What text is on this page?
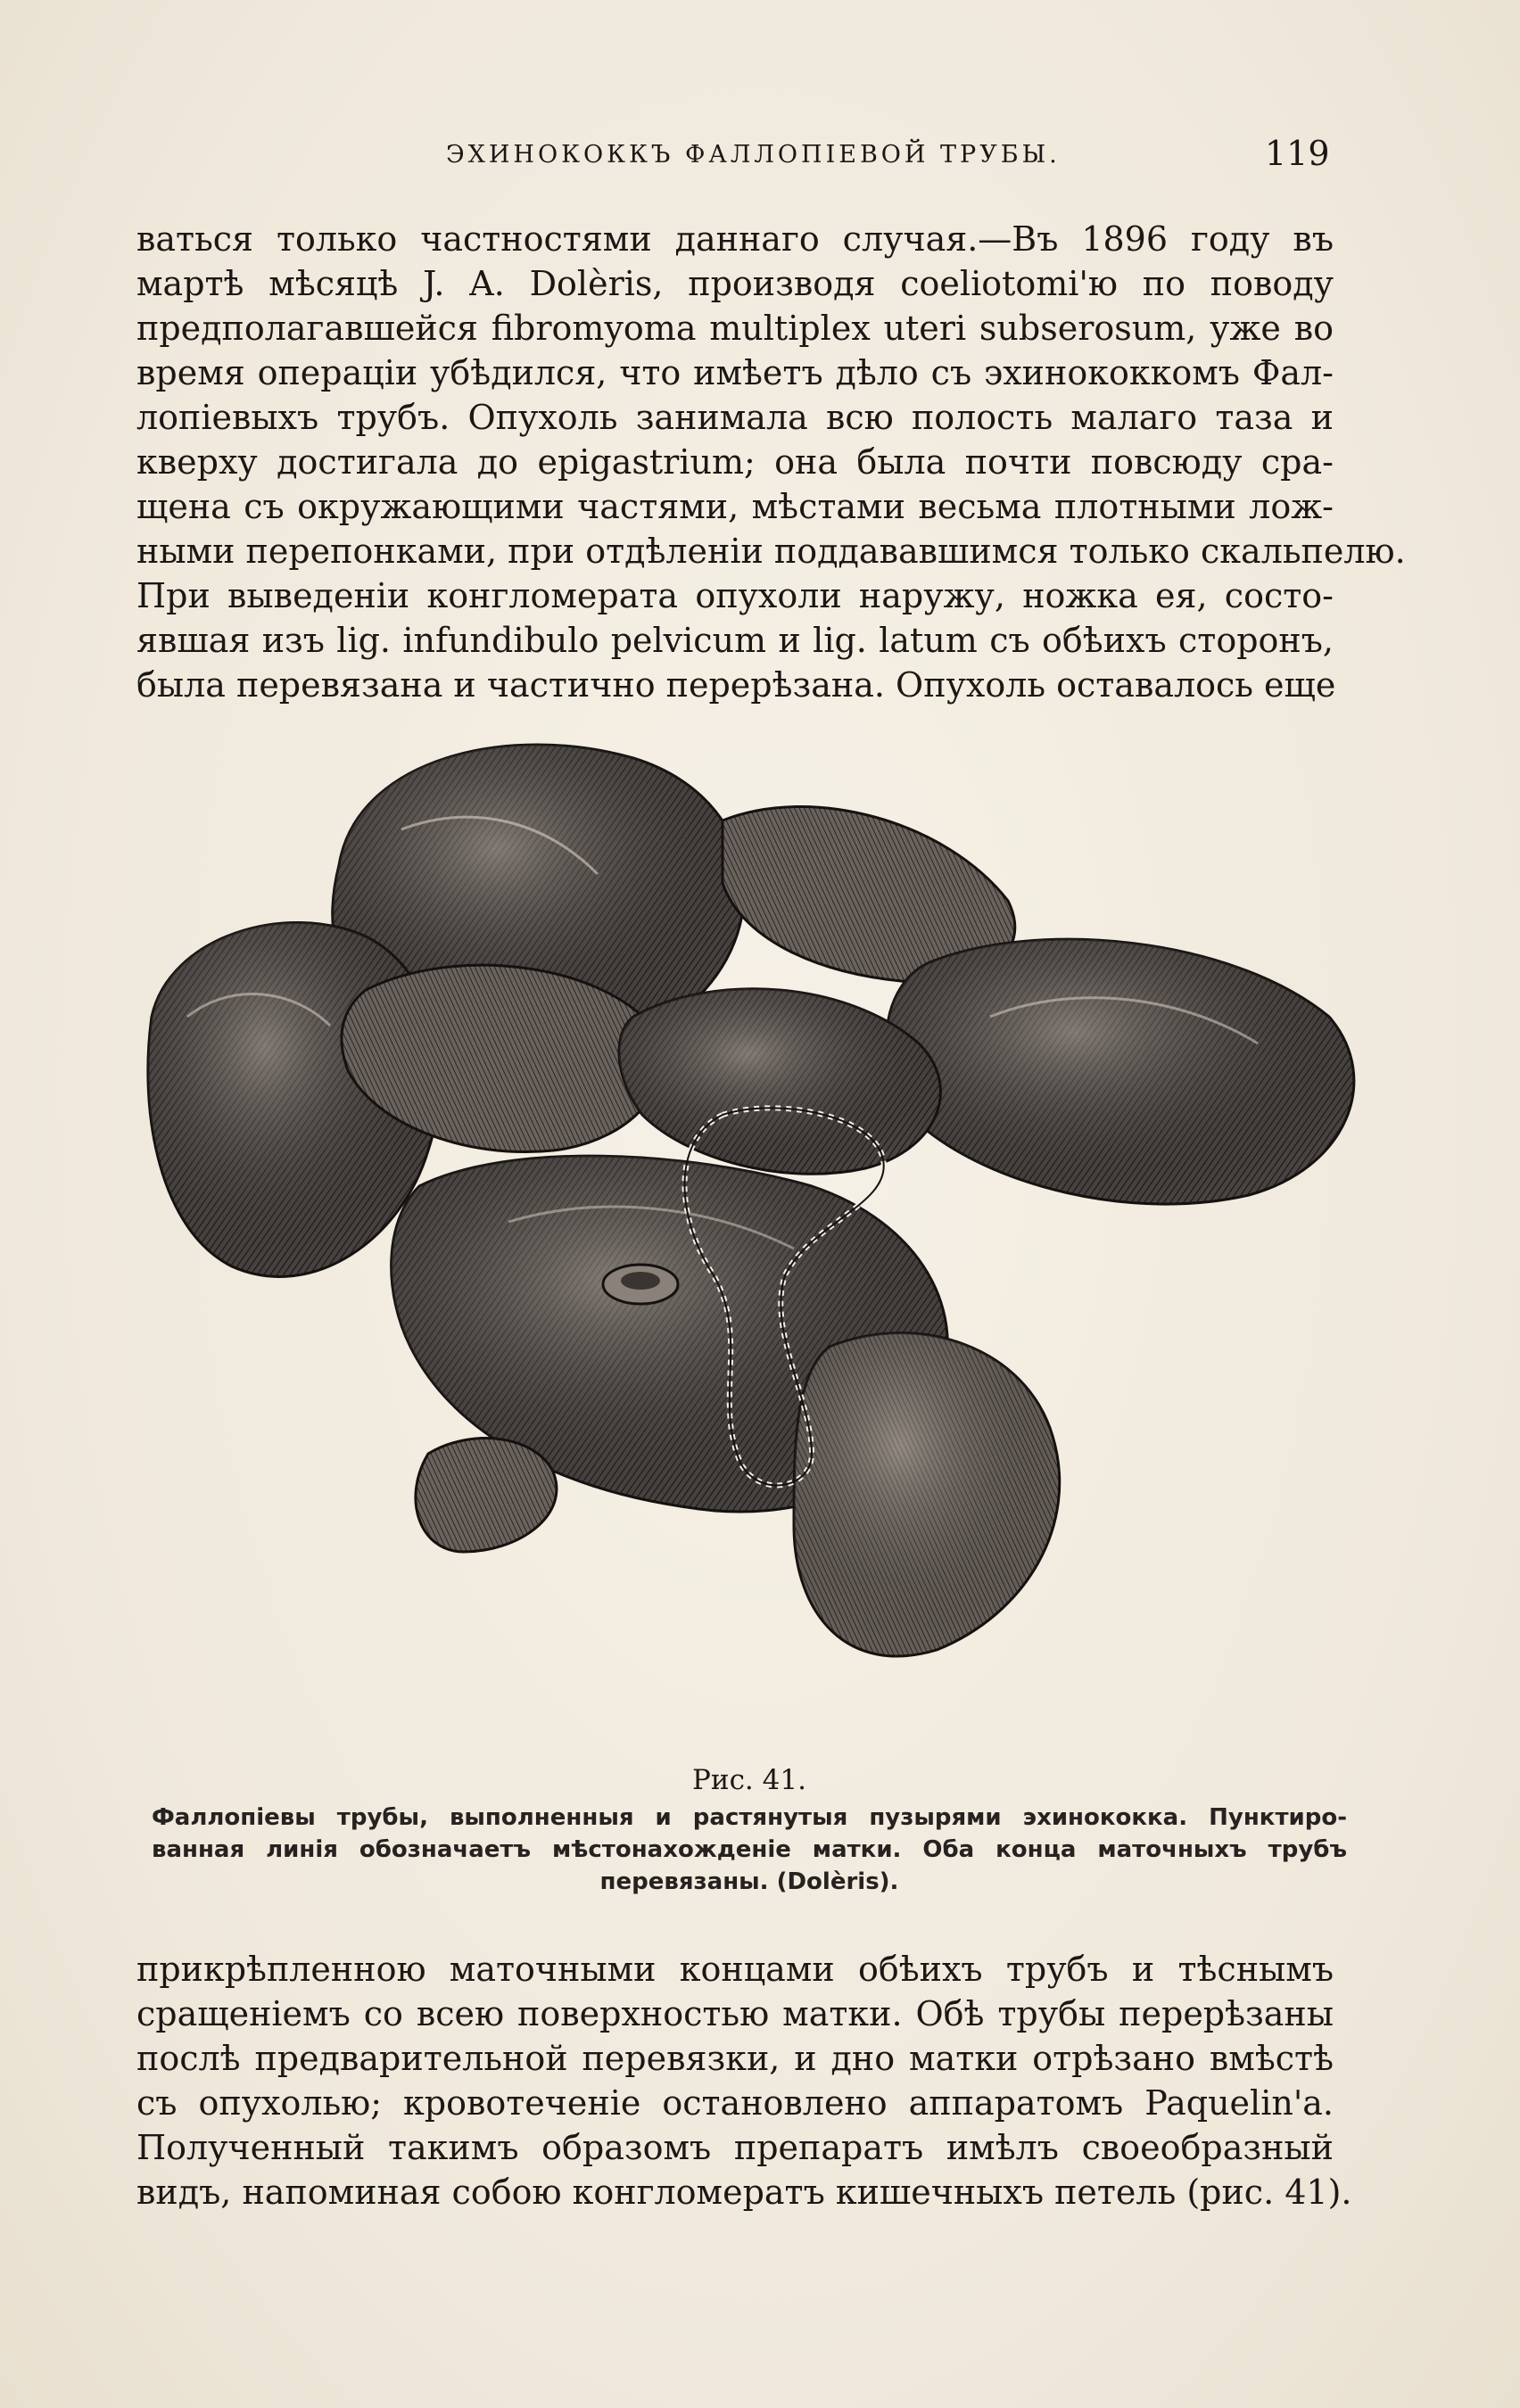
ЭХИНОКОККЪ ФАЛЛОПІЕВОЙ ТРУБЫ.	119
ваться только частностями даннаго случая.—Въ 1896 году въ
мартѣ мѣсяцѣ J. A. Dolèris, производя coeliotomi'ю по поводу
предполагавшейся fibromyoma multiplex uteri subserosum, уже во
время операціи убѣдился, что имѣетъ дѣло съ эхинококкомъ Фал-
лопіевыхъ трубъ. Опухоль занимала всю полость малаго таза и
кверху достигала до epigastrium; она была почти повсюду сра-
щена съ окружающими частями, мѣстами весьма плотными лож-
ными перепонками, при отдѣленіи поддававшимся только скальпелю.
При выведеніи конгломерата опухоли наружу, ножка ея, состо-
явшая изъ lig. infundibulo pelvicum и lig. latum съ обѣихъ сторонъ,
была перевязана и частично перерѣзана. Опухоль оставалось еще
Рис. 41.
Фаллопіевы трубы, выполненныя и растянутыя пузырями эхинококка. Пунктиро-
ванная линія обозначаетъ мѣстонахожденіе матки. Оба конца маточныхъ трубъ
перевязаны. (Dolèris).
прикрѣпленною маточными концами обѣихъ трубъ и тѣснымъ
сращеніемъ со всею поверхностью матки. Обѣ трубы перерѣзаны
послѣ предварительной перевязки, и дно матки отрѣзано вмѣстѣ
съ опухолью; кровотеченіе остановлено аппаратомъ Paquelin'a.
Полученный такимъ образомъ препаратъ имѣлъ своеобразный
видъ, напоминая собою конгломератъ кишечныхъ петель (рис. 41).
